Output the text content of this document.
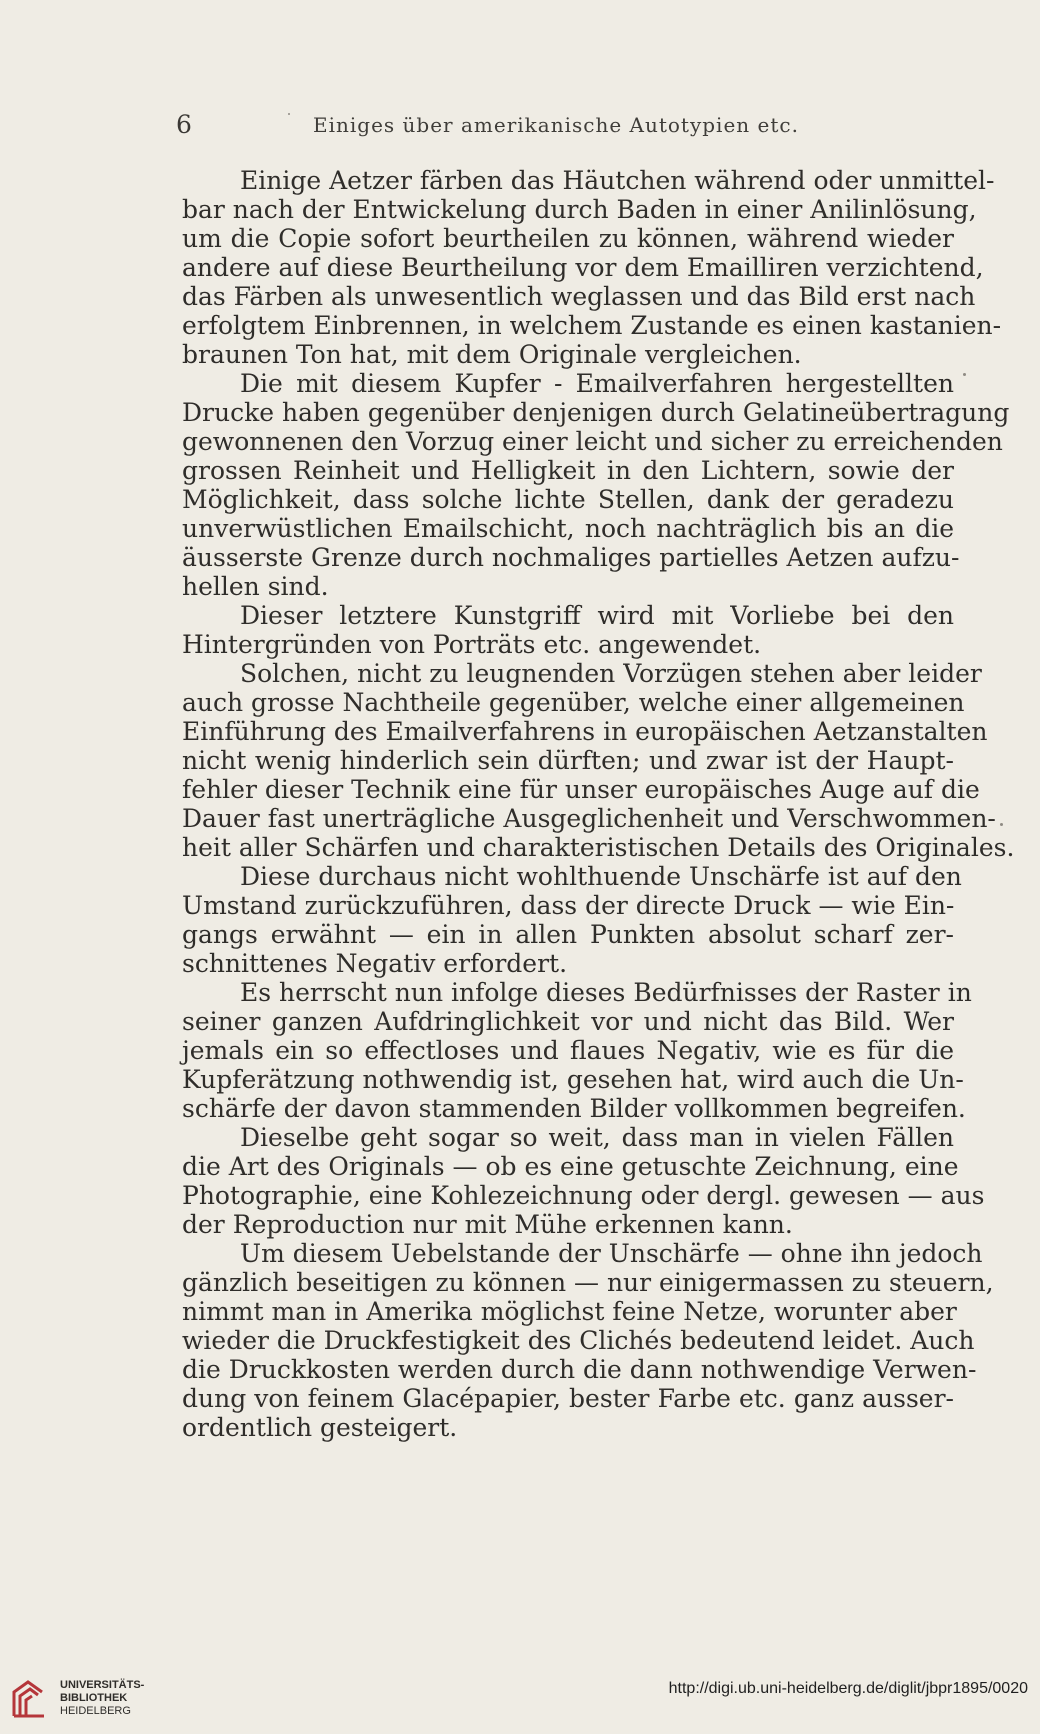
6	Einiges über amerikanische Autotypien etc.
Einige Aetzer färben das Häutchen während oder unmittel-
bar nach der Entwickelung durch Baden in einer Anilinlösung,
um die Copie sofort beurtheilen zu können, während wieder
andere auf diese Beurtheilung vor dem Emailliren verzichtend,
das Färben als unwesentlich weglassen und das Bild erst nach
erfolgtem Einbrennen, in welchem Zustande es einen kastanien-
braunen Ton hat, mit dem Originale vergleichen.
Die mit diesem Kupfer - Emailverfahren hergestellten
Drucke haben gegenüber denjenigen durch Gelatineübertragung
gewonnenen den Vorzug einer leicht und sicher zu erreichenden
grossen Reinheit und Helligkeit in den Lichtern, sowie der
Möglichkeit, dass solche lichte Stellen, dank der geradezu
unverwüstlichen Emailschicht, noch nachträglich bis an die
äusserste Grenze durch nochmaliges partielles Aetzen aufzu-
hellen sind.
Dieser letztere Kunstgriff wird mit Vorliebe bei den
Hintergründen von Porträts etc. angewendet.
Solchen, nicht zu leugnenden Vorzügen stehen aber leider
auch grosse Nachtheile gegenüber, welche einer allgemeinen
Einführung des Emailverfahrens in europäischen Aetzanstalten
nicht wenig hinderlich sein dürften; und zwar ist der Haupt-
fehler dieser Technik eine für unser europäisches Auge auf die
Dauer fast unerträgliche Ausgeglichenheit und Verschwommen-
heit aller Schärfen und charakteristischen Details des Originales.
Diese durchaus nicht wohlthuende Unschärfe ist auf den
Umstand zurückzuführen, dass der directe Druck — wie Ein-
gangs erwähnt — ein in allen Punkten absolut scharf zer-
schnittenes Negativ erfordert.
Es herrscht nun infolge dieses Bedürfnisses der Raster in
seiner ganzen Aufdringlichkeit vor und nicht das Bild. Wer
jemals ein so effectloses und flaues Negativ, wie es für die
Kupferätzung nothwendig ist, gesehen hat, wird auch die Un-
schärfe der davon stammenden Bilder vollkommen begreifen.
Dieselbe geht sogar so weit, dass man in vielen Fällen
die Art des Originals — ob es eine getuschte Zeichnung, eine
Photographie, eine Kohlezeichnung oder dergl. gewesen — aus
der Reproduction nur mit Mühe erkennen kann.
Um diesem Uebelstande der Unschärfe — ohne ihn jedoch
gänzlich beseitigen zu können — nur einigermassen zu steuern,
nimmt man in Amerika möglichst feine Netze, worunter aber
wieder die Druckfestigkeit des Clichés bedeutend leidet. Auch
die Druckkosten werden durch die dann nothwendige Verwen-
dung von feinem Glacépapier, bester Farbe etc. ganz ausser-
ordentlich gesteigert.
UNIVERSITÄTS-
BIBLIOTHEK
HEIDELBERG
http://digi.ub.uni-heidelberg.de/diglit/jbpr1895/0020
